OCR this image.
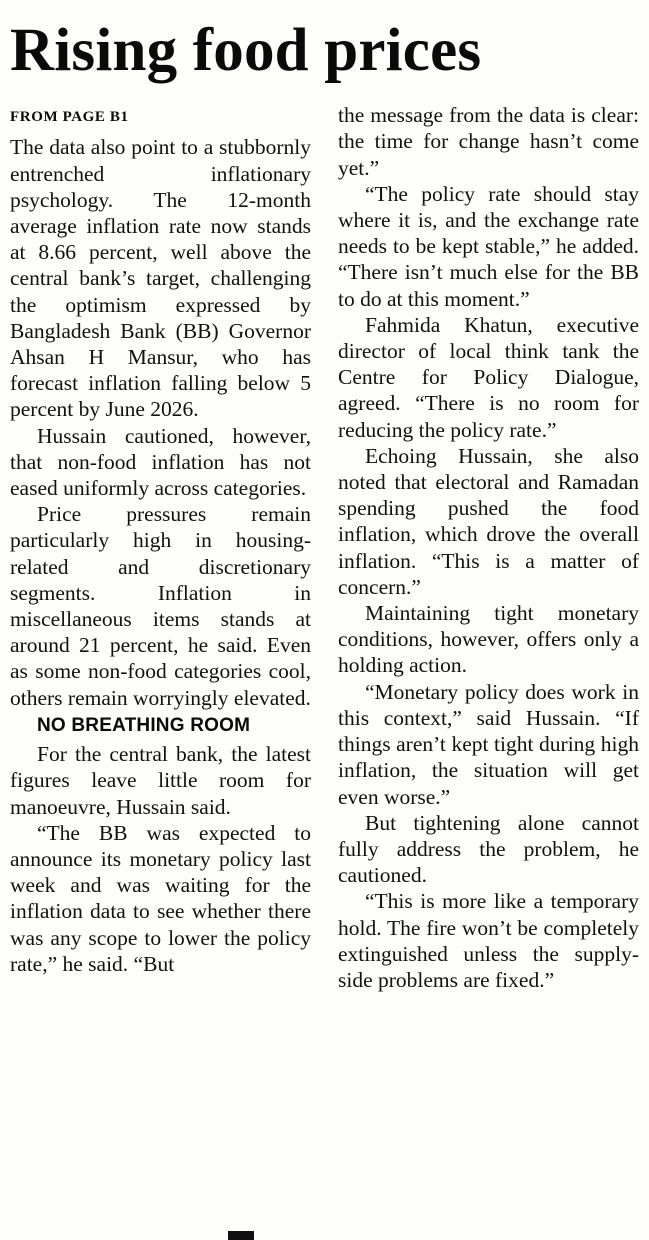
Rising food prices
FROM PAGE B1

The data also point to a stubbornly entrenched inflationary psychology. The 12-month average inflation rate now stands at 8.66 percent, well above the central bank’s target, challenging the optimism expressed by Bangladesh Bank (BB) Governor Ahsan H Mansur, who has forecast inflation falling below 5 percent by June 2026.

Hussain cautioned, however, that non-food inflation has not eased uniformly across categories.

Price pressures remain particularly high in housing-related and discretionary segments. Inflation in miscellaneous items stands at around 21 percent, he said. Even as some non-food categories cool, others remain worryingly elevated.

NO BREATHING ROOM

For the central bank, the latest figures leave little room for manoeuvre, Hussain said.

“The BB was expected to announce its monetary policy last week and was waiting for the inflation data to see whether there was any scope to lower the policy rate,” he said. “But

the message from the data is clear: the time for change hasn’t come yet.”

“The policy rate should stay where it is, and the exchange rate needs to be kept stable,” he added. “There isn’t much else for the BB to do at this moment.”

Fahmida Khatun, executive director of local think tank the Centre for Policy Dialogue, agreed. “There is no room for reducing the policy rate.”

Echoing Hussain, she also noted that electoral and Ramadan spending pushed the food inflation, which drove the overall inflation. “This is a matter of concern.”

Maintaining tight monetary conditions, however, offers only a holding action.

“Monetary policy does work in this context,” said Hussain. “If things aren’t kept tight during high inflation, the situation will get even worse.”

But tightening alone cannot fully address the problem, he cautioned.

“This is more like a temporary hold. The fire won’t be completely extinguished unless the supply-side problems are fixed.”
